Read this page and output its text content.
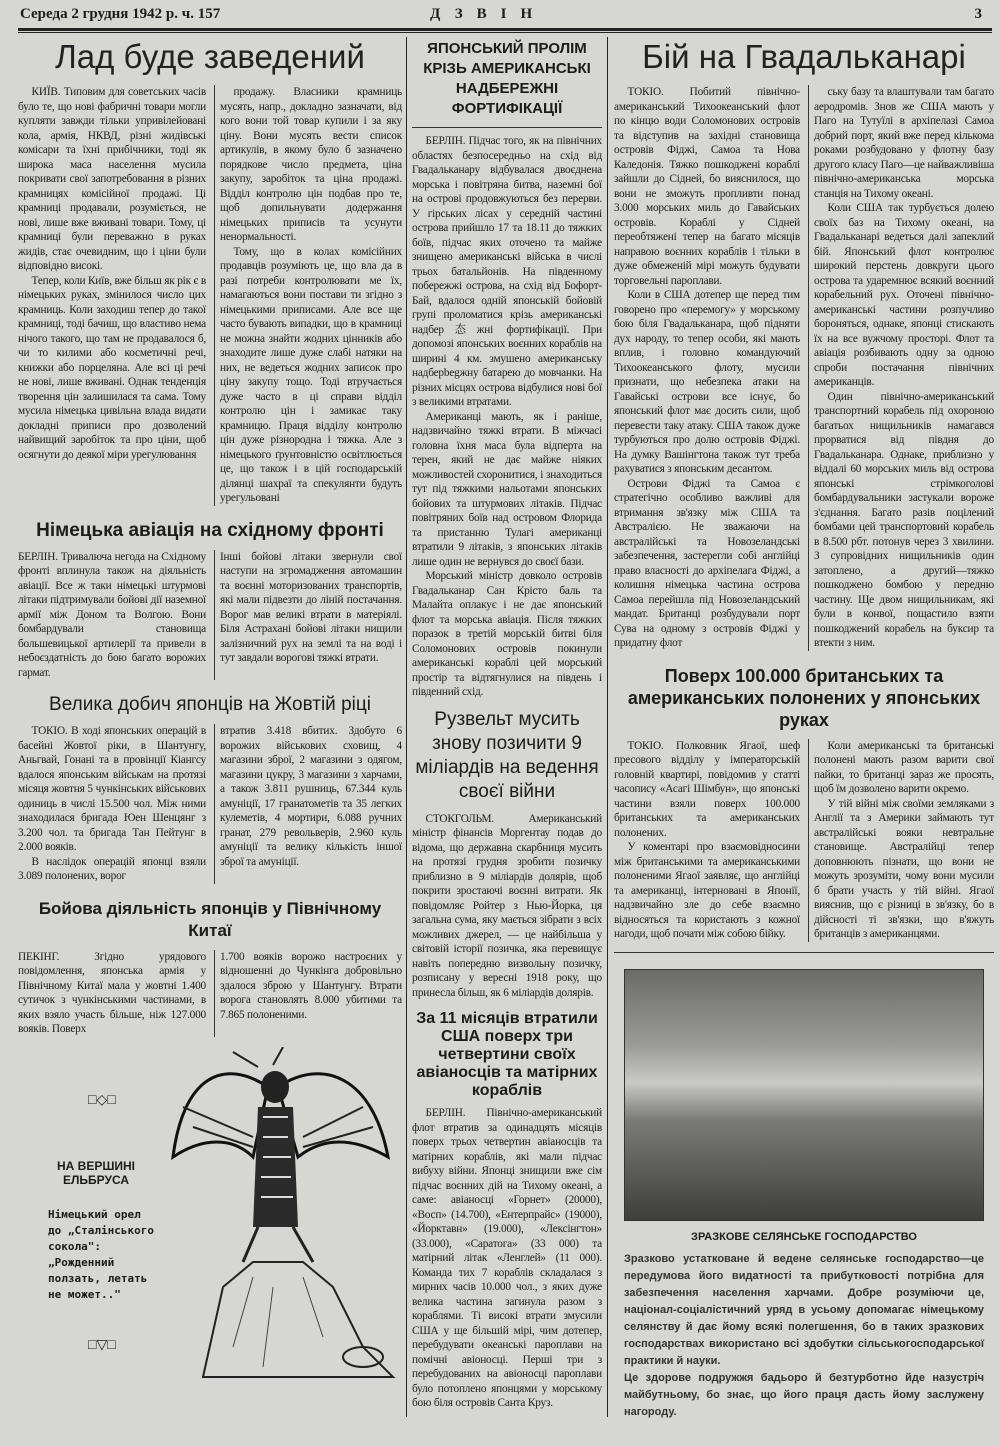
Середа 2 грудня 1942 р. ч. 157	ДЗВІН	3
Лад буде заведений

КИЇВ. Типовим для советських часів було те, що нові фабричні товари могли купляти завжди тільки упривілейовані кола, армія, НКВД, різні жидівські комісари та їхні прибічники, тоді як широка маса населення мусила покривати свої запотребовання в різних крамницях комісійної продажі. Ці крамниці продавали, розуміється, не нові, лише вже вживані товари. Тому, ці крамниці були переважно в руках жидів, стає очевидним, що і ціни були відповідно високі.

Тепер, коли Київ, вже більш як рік є в німецьких руках, змінилося число цих крамниць. Коли заходиш тепер до такої крамниці, тоді бачиш, що властиво нема нічого такого, що там не продавалося б, чи то килими або косметичні речі, книжки або порцеляна. Але всі ці речі не нові, лише вживані. Однак тенденція творення цін залишилася та сама. Тому мусила німецька цивільна влада видати докладні приписи про дозволений найвищий заробіток та про ціни, щоб осягнути до деякої міри урегулювання

продажу. Власники крамниць мусять, напр., докладно зазначати, від кого вони той товар купили і за яку ціну. Вони мусять вести список артикулів, в якому було б зазначено порядкове число предмета, ціна закупу, заробіток та ціна продажі. Відділ контролю цін подбав про те, щоб допильнувати додержання німецьких приписів та усунути ненормальності.

Тому, що в колах комісійних продавців розуміють це, що вла да в разі потреби контролювати ме їх, намагаються вони постави ти згідно з німецькими приписами. Але все ще часто бувають випадки, що в крамниці не можна знайти жодних цінників або знаходите лише дуже слабі натяки на них, не ведеться жодних записок про ціну закупу тощо. Тоді втручається дуже часто в ці справи відділ контролю цін і замикає таку крамницю. Праця відділу контролю цін дуже різнородна і тяжка. Але з німецького ґрунтовністю освітлюється це, що також і в цій господарській ділянці шахраї та спекулянти будуть урегульовані

Німецька авіація на східному фронті
БЕРЛІН. Тривалюча негода на Східному фронті вплинула також на діяльність авіації. Все ж таки німецькі штурмові літаки підтримували бойові дії наземної армії між Доном та Волгою. Вони бомбардували становища большевицької артилерії та привели в небоєздатність до бою багато ворожих гармат.
Інші бойові літаки звернули свої наступи на згромадження автомашин та воєнні моторизованих транспортів, які мали підвезти до ліній постачання. Ворог мав великі втрати в матеріялі. Біля Астрахані бойові літаки нищили залізничний рух на землі та на воді і тут завдали ворогові тяжкі втрати.
Велика добич японців на Жовтій ріці

ТОКІО. В ході японських операцій в басейні Жовтої ріки, в Шантунгу, Аньгвай, Гонані та в провінції Кіангсу вдалося японським військам на протязі місяця жовтня 5 чункінських військових одиниць в числі 15.500 чол. Між ними знаходилася бригада Юен Шенцянг з 3.200 чол. та бригада Тан Пейтунг в 2.000 вояків.

В наслідок операцій японці взяли 3.089 полонених, ворог

втратив 3.418 вбитих. Здобуто 6 ворожих військових сховищ, 4 магазини зброї, 2 магазини з одягом, магазини цукру, 3 магазини з харчами, а також 3.811 рушниць, 67.344 куль амуніції, 17 гранатометів та 35 легких кулеметів, 4 мортири, 6.088 ручних гранат, 279 револьверів, 2.960 куль амуніції та велику кількість іншої зброї та амуніції.
Бойова діяльність японців у Північному Китаї
ПЕКІНГ. Згідно урядового повідомлення, японська армія у Північному Китаї мала у жовтні 1.400 сутичок з чункінськими частинами, в яких взяло участь більше, ніж 127.000 вояків. Поверх
1.700 вояків ворожо настроєних у відношенні до Чункінга добровільно здалося зброю у Шантунгу. Втрати ворога становлять 8.000 убитими та 7.865 полоненими.
□◇□
□▽□
НА ВЕРШИНІ ЕЛЬБРУСА
Німецький орел до „Сталінського сокола": „Рожденний ползать, летать не может.."
ЯПОНСЬКИЙ ПРОЛІМ КРІЗЬ АМЕРИКАНСЬКІ НАДБЕРЕЖНІ ФОРТИФІКАЦІЇ

БЕРЛІН. Підчас того, як на північних областях безпосередньо на схід від Гвадальканару відбувалася двоєднена морська і повітряна битва, наземні бої на острові продовжуються без перерви. У гірських лісах у середній частині острова прийшло 17 та 18.11 до тяжких боїв, підчас яких оточено та майже знищено американські війська в числі трьох батальйонів. На південному побережжі острова, на схід від Бофорт-Бай, вдалося одній японській бойовій групі проломатися крізь американські надбер态жні фортифікації. При допомозі японських воєнних кораблів на ширині 4 км. змушено американську надберbegжну батарею до мовчанки. На різних місцях острова відбулися нові бої з великими втратами.

Американці мають, як і раніше, надзвичайно тяжкі втрати. В міжчасі головна їхня маса була відперта на терен, який не дає майже ніяких можливостей схоронитися, і знаходиться тут під тяжкими нальотами японських бойових та штурмових літаків. Підчас повітряних боїв над островом Флорида та пристанню Тулагі американці втратили 9 літаків, з японських літаків лише один не вернувся до своєї бази.

Морський міністр довколо островів Гвадальканар Сан Крісто баль та Малайта оплакує і не дає японський флот та морська авіація. Після тяжких поразок в третій морській битві біля Соломонових островів покинули американські кораблі цей морський простір та відтягнулися на південь і південний схід.

Рузвельт мусить знову позичити 9 міліардів на ведення своєї війни

СТОКГОЛЬМ. Американський міністр фінансів Моргентау подав до відома, що державна скарбниця мусить на протязі грудня зробити позичку приблизно в 9 міліардів долярів, щоб покрити зростаючі воєнні витрати. Як повідомляє Ройтер з Нью-Йорка, ця загальна сума, яку мається зібрати з всіх можливих джерел, — це найбільша у світовій історії позичка, яка перевищує навіть попередню визвольну позичку, розписану у вересні 1918 року, що принесла більш, як 6 міліардів долярів.

За 11 місяців втратили США поверх три четвертини своїх авіаносців та матірних кораблів

БЕРЛІН. Північно-американський флот втратив за одинадцять місяців поверх трьох четвертин авіаносців та матірних кораблів, які мали підчас вибуху війни. Японці знищили вже сім підчас воєнних дій на Тихому океані, а саме: авіаносці «Горнет» (20000), «Восп» (14.700), «Ентерпрайс» (19000), «Йорктавн» (19.000), «Лексінгтон» (33.000), «Саратога» (33 000) та матірний літак «Ленглей» (11 000). Команда тих 7 кораблів складалася з мирних часів 10.000 чол., з яких дуже велика частина загинула разом з кораблями. Ті високі втрати змусили США у ще більшій мірі, чим дотепер, перебудувати океанські пароплави на помічні авіоносці. Перші три з перебудованих на авіоносці пароплави було потоплено японцями у морському бою біля островів Санта Круз.

Бій на Гвадальканарі

ТОКІО. Побитий північно-американський Тихоокеанський флот по кінцю води Соломонових островів та відступив на західні становища островів Фіджі, Самоа та Нова Каледонія. Тяжко пошкоджені кораблі зайшли до Сідней, бо вияснилося, що вони не зможуть пропливти понад 3.000 морських миль до Гавайських островів. Кораблі у Сідней переобтяжені тепер на багато місяців направою воєнних кораблів і тільки в дуже обмеженій мірі можуть будувати торговельні пароплави.

Коли в США дотепер ще перед тим говорено про «перемогу» у морському бою біля Гвадальканара, щоб підняти дух народу, то тепер особи, які мають вплив, і головно командуючий Тихоокеанського флоту, мусили признати, що небезпека атаки на Гавайські острови все існує, бо японський флот має досить сили, щоб перевести таку атаку. США також дуже турбуються про долю островів Фіджі. На думку Вашінгтона також тут треба рахуватися з японським десантом.

Острови Фіджі та Самоа є стратегічно особливо важливі для втримання зв'язку між США та Австралією. Не зважаючи на австралійські та Новозеландські забезпечення, застерегли собі англійці право власності до архіпелага Фіджі, а колишня німецька частина острова Самоа перейшла під Новозеландський мандат. Британці розбудували порт Сува на одному з островів Фіджі у придатну флот

ську базу та влаштували там багато аеродромів. Знов же США мають у Паго на Тутуїлі в архіпелазі Самоа добрий порт, який вже перед кількома роками розбудовано у флотну базу другого класу Паго—це найважливіша північно-американська морська станція на Тихому океані.

Коли США так турбується долею своїх баз на Тихому океані, на Гвадальканарі ведеться далі запеклий бій. Японський флот контролює широкий перстень довкруги цього острова та ударемнює всякий воєнний корабельний рух. Оточені північно-американські частини розпучливо бороняться, однаке, японці стискають їх на все вужчому просторі. Флот та авіація розбивають одну за одною спроби постачання північних американців.

Один північно-американський транспортний корабель під охороною багатьох нищильників намагався прорватися від півдня до Гвадальканара. Однаке, приблизно у віддалі 60 морських миль від острова японські стрімкоголові бомбардувальники застукали вороже з'єднання. Багато разів поцілений бомбами цей транспортовий корабель в 8.500 рбт. потонув через 3 хвилини. З супровідних нищильників один затоплено, а другий—тяжко пошкоджено бомбою у передню частину. Ще двом нищильникам, які були в конвої, пощастило взяти пошкоджений корабель на буксир та втекти з ним.

Поверх 100.000 британських та американських полонених у японських руках

ТОКІО. Полковник Ягаої, шеф пресового відділу у імператорській головній квартирі, повідомив у статті часопису «Асагі Шімбун», що японські частини взяли поверх 100.000 британських та американських полонених.

У коментарі про взаємовідносини між британськими та американськими полоненими Ягаої заявляє, що англійці та американці, інтерновані в Японії, надзвичайно зле до себе взаємно відносяться та користають з кожної нагоди, щоб почати між собою бійку.

Коли американські та британські полонені мають разом варити свої пайки, то британці зараз же просять, щоб їм дозволено варити окремо.

У тій війні між своїми земляками з Англії та з Америки займають тут австралійські вояки невтральне становище. Австралійці тепер доповнюють пізнати, що вони не можуть зрозуміти, чому вони мусили б брати участь у тій війні. Ягаої вияснив, що є різниці в зв'язку, бо в дійсності ті зв'язки, що в'яжуть британців з американцями.

ЗРАЗКОВЕ СЕЛЯНСЬКЕ ГОСПОДАРСТВО

Зразково устатковане й ведене селянське господарство—це передумова його видатності та прибутковості потрібна для забезпечення населення харчами. Добре розуміючи це, націонал-соціалістичний уряд в усьому допомагає німецькому селянству й дає йому всякі полегшення, бо в таких зразкових господарствах використано всі здобутки сільськогосподарської практики й науки.

Це здорове подружжя бадьоро й безтурботно йде назустріч майбутньому, бо знає, що його праця дасть йому заслужену нагороду.
